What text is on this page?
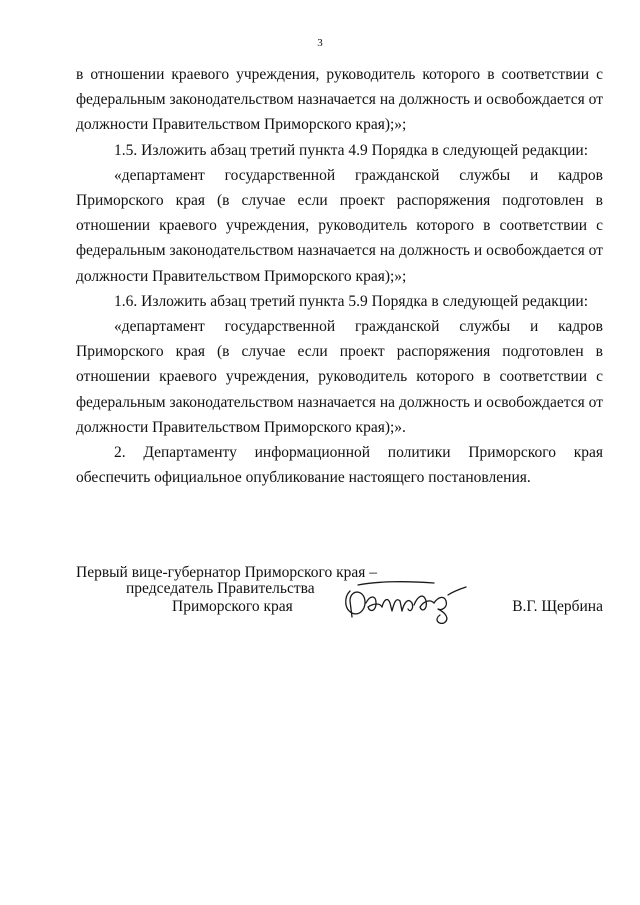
3

в отношении краевого учреждения, руководитель которого в соответствии с федеральным законодательством назначается на должность и освобождается от должности Правительством Приморского края);»;

1.5. Изложить абзац третий пункта 4.9 Порядка в следующей редакции:

«департамент государственной гражданской службы и кадров Приморского края (в случае если проект распоряжения подготовлен в отношении краевого учреждения, руководитель которого в соответствии с федеральным законодательством назначается на должность и освобождается от должности Правительством Приморского края);»;

1.6. Изложить абзац третий пункта 5.9 Порядка в следующей редакции:

«департамент государственной гражданской службы и кадров Приморского края (в случае если проект распоряжения подготовлен в отношении краевого учреждения, руководитель которого в соответствии с федеральным законодательством назначается на должность и освобождается от должности Правительством Приморского края);».

2. Департаменту информационной политики Приморского края обеспечить официальное опубликование настоящего постановления.

Первый вице-губернатор Приморского края –
председатель Правительства
Приморского края	В.Г. Щербина
